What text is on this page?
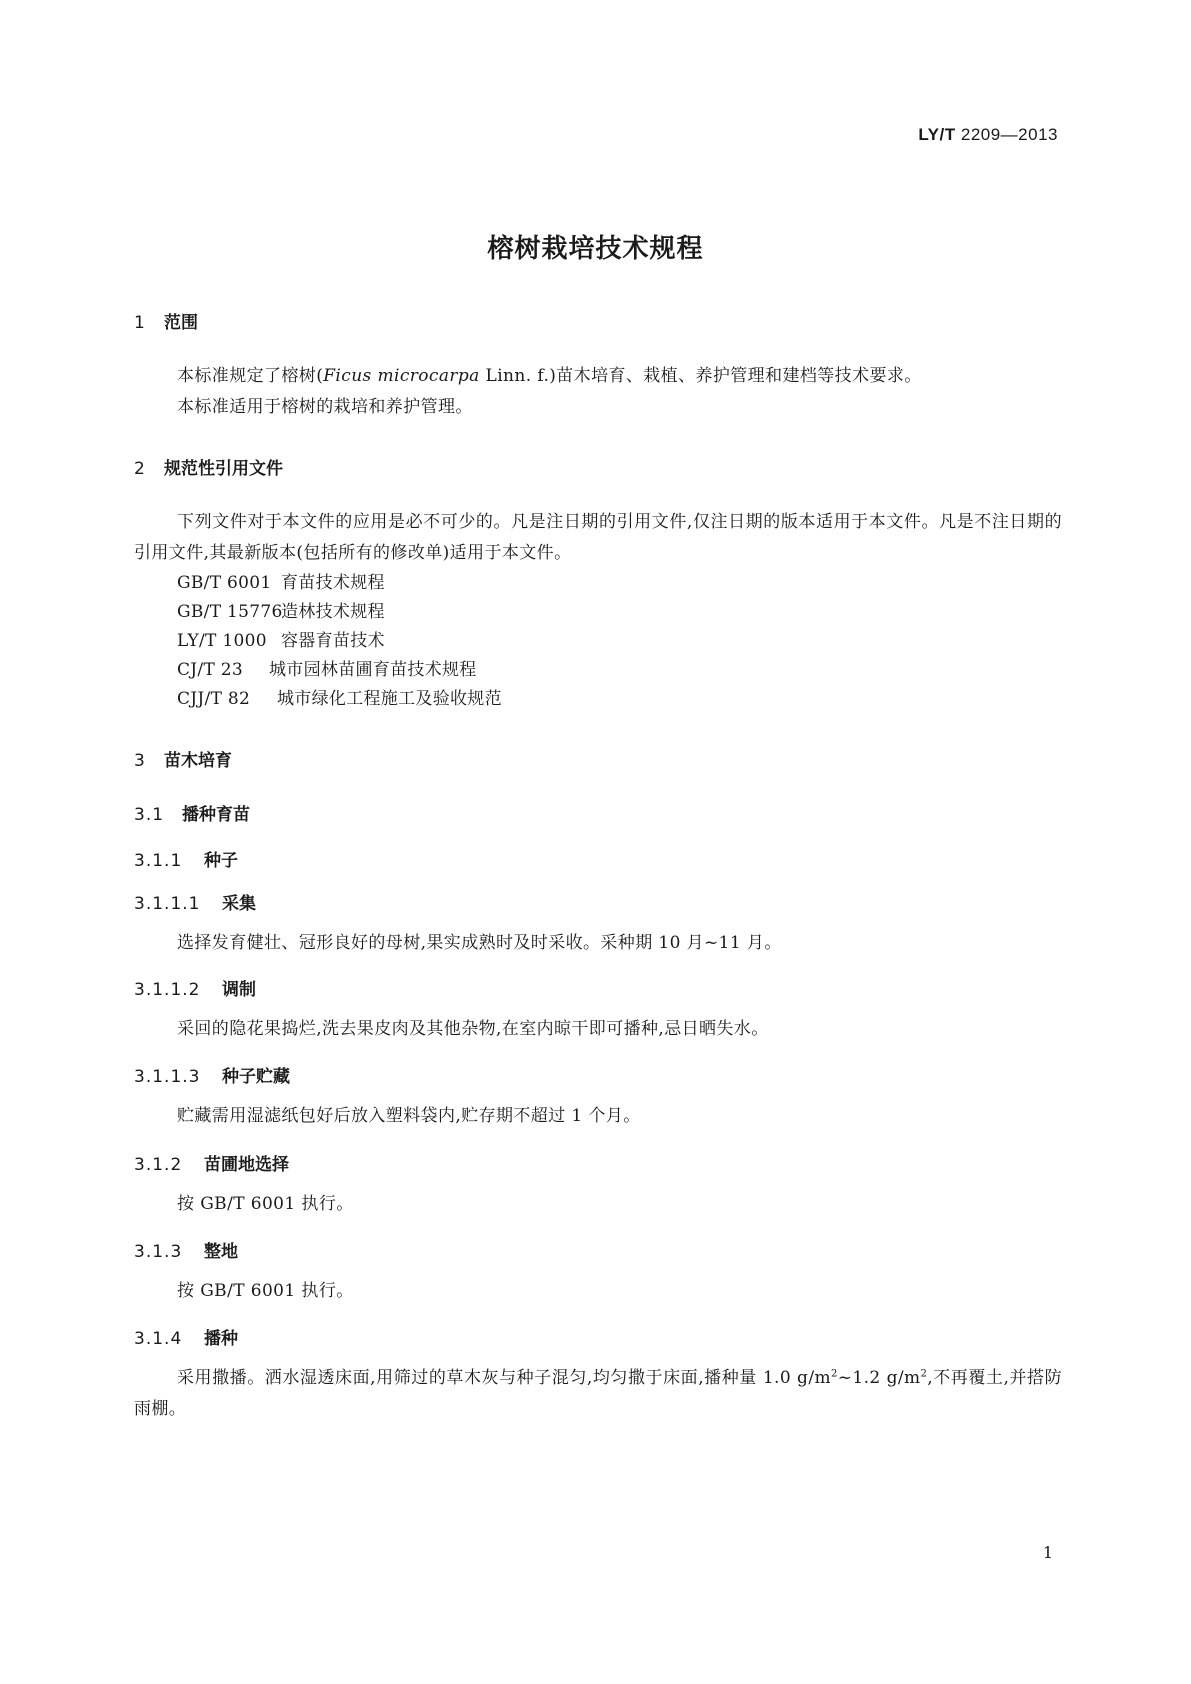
LY/T 2209—2013
榕树栽培技术规程
1 范围
本标准规定了榕树(Ficus microcarpa Linn. f.)苗木培育、栽植、养护管理和建档等技术要求。
本标准适用于榕树的栽培和养护管理。
2 规范性引用文件
下列文件对于本文件的应用是必不可少的。凡是注日期的引用文件,仅注日期的版本适用于本文件。凡是不注日期的引用文件,其最新版本(包括所有的修改单)适用于本文件。
GB/T 6001 育苗技术规程
GB/T 15776造林技术规程
LY/T 1000 容器育苗技术
CJ/T 23 城市园林苗圃育苗技术规程
CJJ/T 82 城市绿化工程施工及验收规范
3 苗木培育
3.1 播种育苗
3.1.1 种子
3.1.1.1 采集
选择发育健壮、冠形良好的母树,果实成熟时及时采收。采种期 10 月~11 月。
3.1.1.2 调制
采回的隐花果捣烂,洗去果皮肉及其他杂物,在室内晾干即可播种,忌日晒失水。
3.1.1.3 种子贮藏
贮藏需用湿滤纸包好后放入塑料袋内,贮存期不超过 1 个月。
3.1.2 苗圃地选择
按 GB/T 6001 执行。
3.1.3 整地
按 GB/T 6001 执行。
3.1.4 播种
采用撒播。洒水湿透床面,用筛过的草木灰与种子混匀,均匀撒于床面,播种量 1.0 $g/m^2\sim 1.2$ $g/m^2$,不再覆土,并搭防雨棚。
1
